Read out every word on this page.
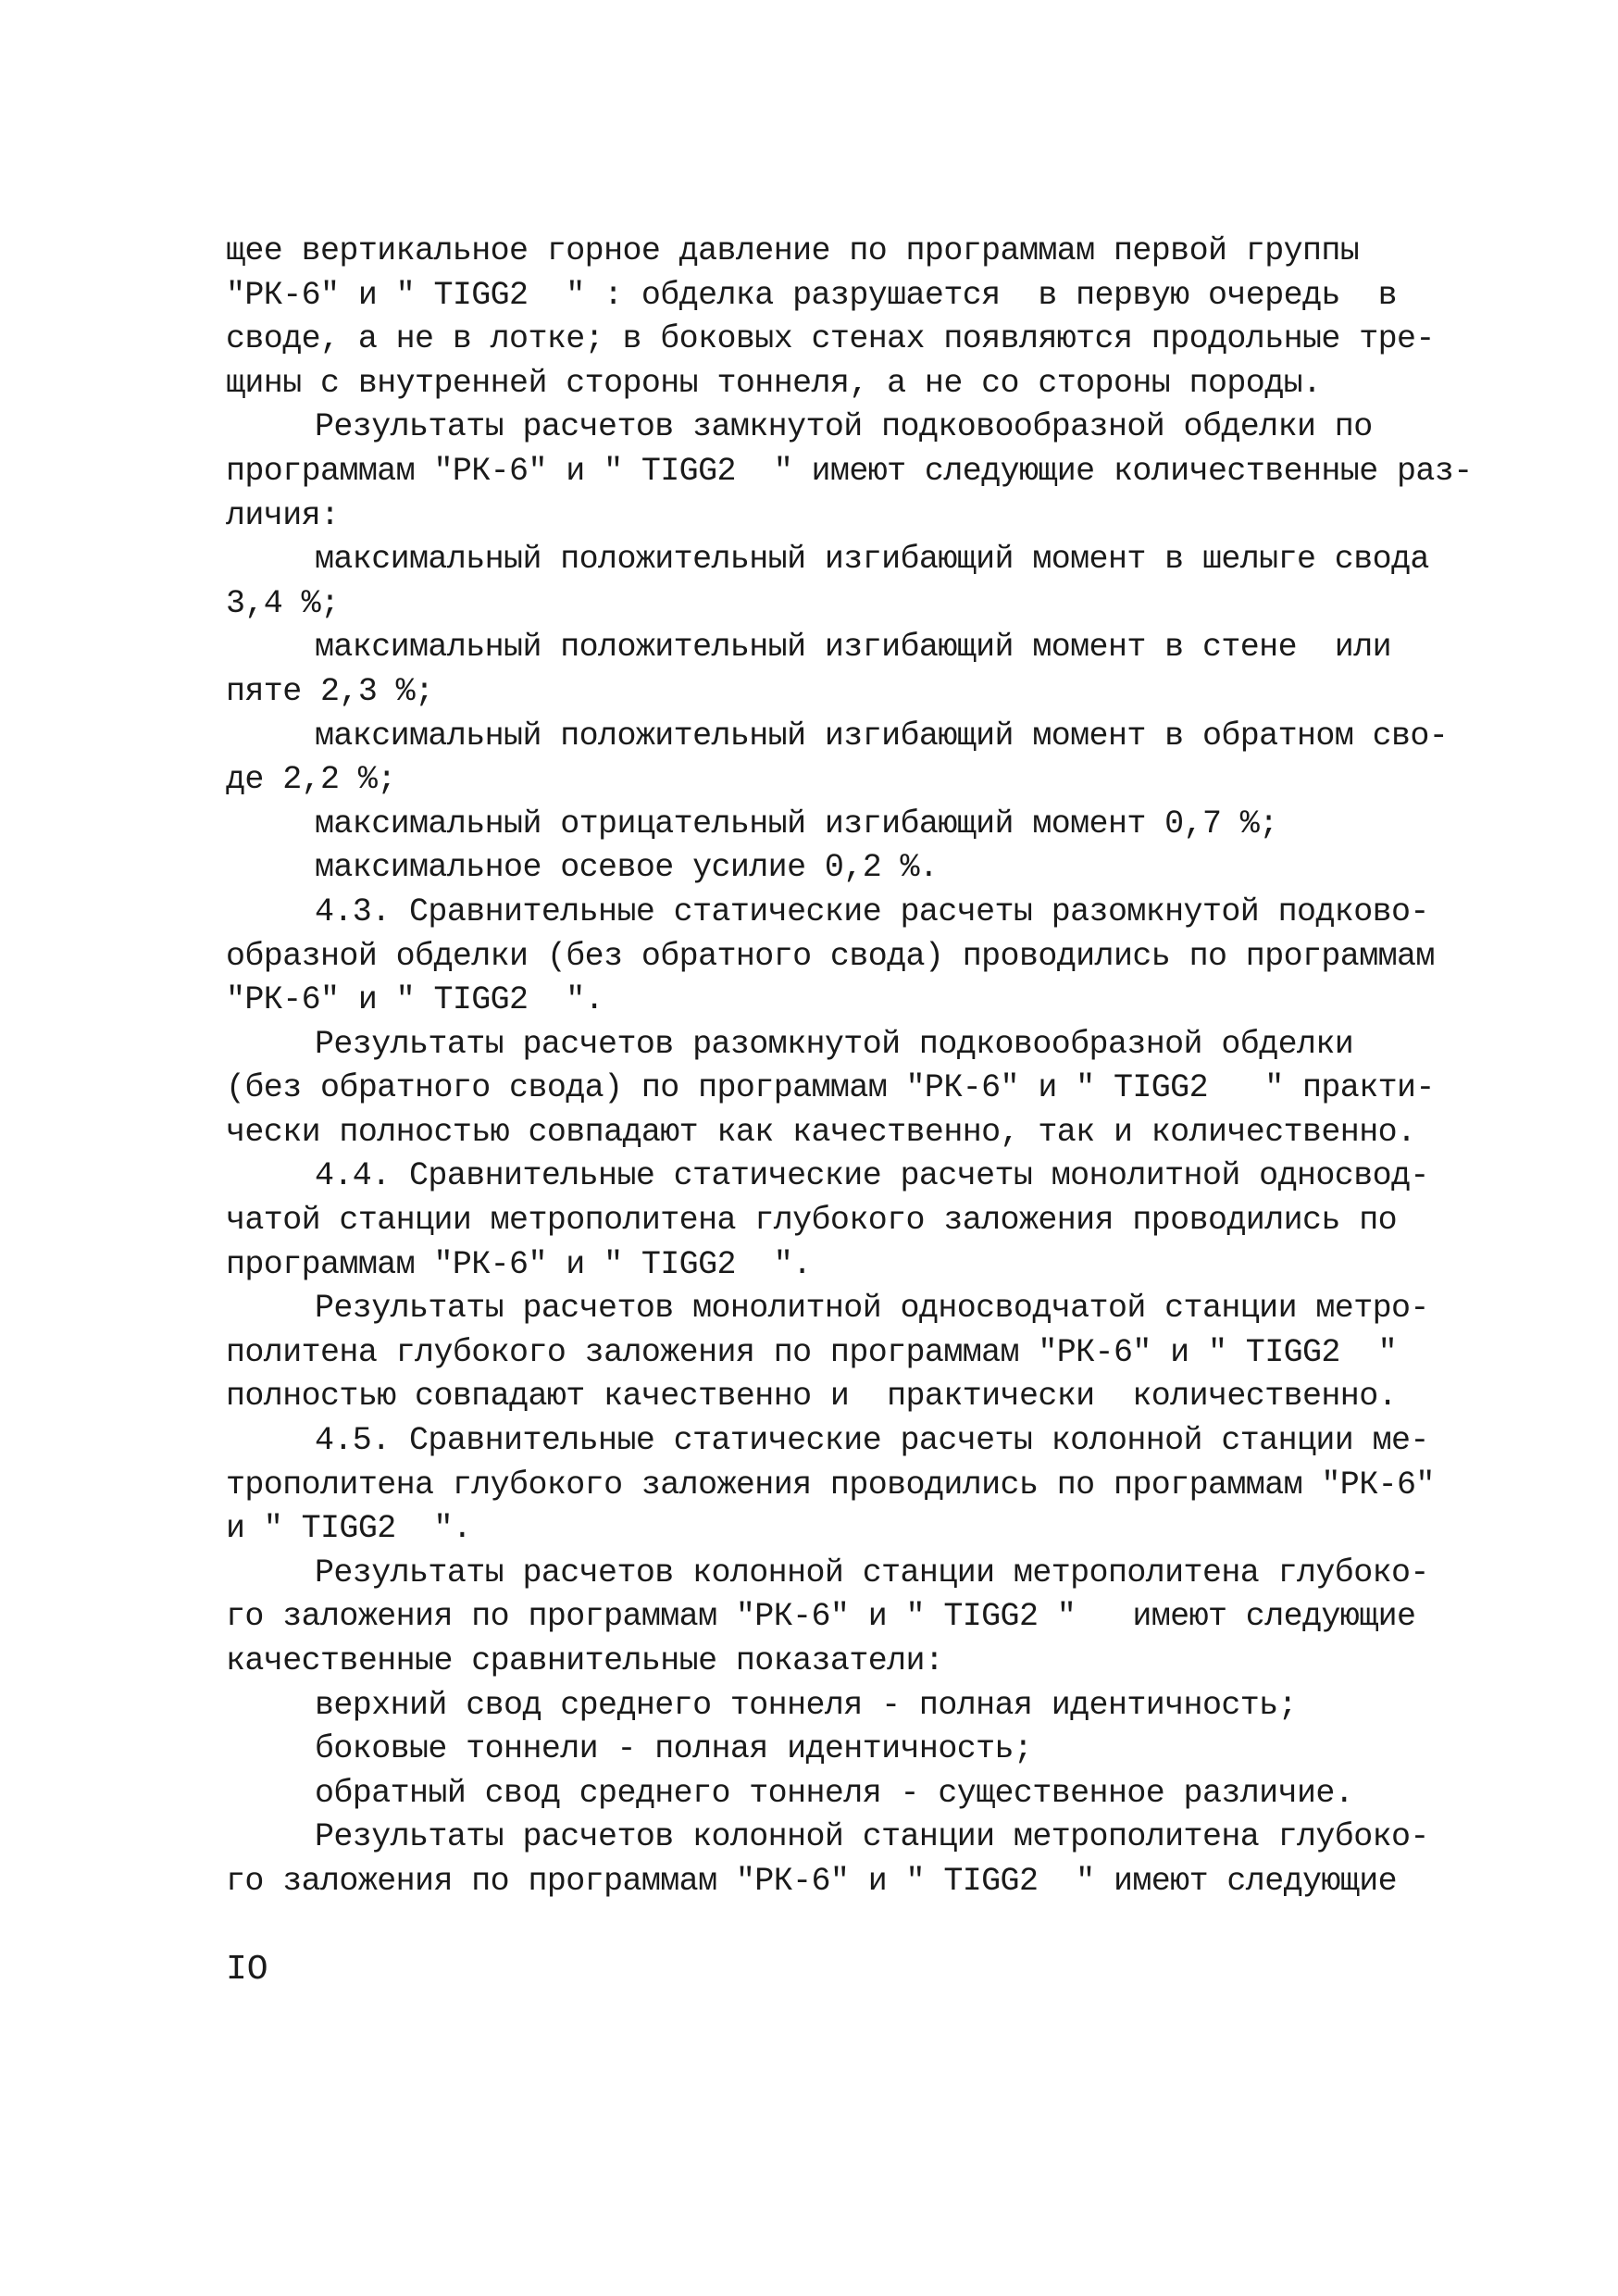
щее вертикальное горное давление по программам первой группы
"РК-6" и " TIGG2  " : обделка разрушается  в первую очередь  в
своде, а не в лотке; в боковых стенах появляются продольные тре-
щины с внутренней стороны тоннеля, а не со стороны породы.
Результаты расчетов замкнутой подковообразной обделки по
программам "РК-6" и " TIGG2  " имеют следующие количественные раз-
личия:
максимальный положительный изгибающий момент в шелыге свода
3,4 %;
максимальный положительный изгибающий момент в стене  или
пяте 2,3 %;
максимальный положительный изгибающий момент в обратном сво-
де 2,2 %;
максимальный отрицательный изгибающий момент 0,7 %;
максимальное осевое усилие 0,2 %.
4.3. Сравнительные статические расчеты разомкнутой подково-
образной обделки (без обратного свода) проводились по программам
"РК-6" и " TIGG2  ".
Результаты расчетов разомкнутой подковообразной обделки
(без обратного свода) по программам "РК-6" и " TIGG2   " практи-
чески полностью совпадают как качественно, так и количественно.
4.4. Сравнительные статические расчеты монолитной односвод-
чатой станции метрополитена глубокого заложения проводились по
программам "РК-6" и " TIGG2  ".
Результаты расчетов монолитной односводчатой станции метро-
политена глубокого заложения по программам "РК-6" и " TIGG2  "
полностью совпадают качественно и  практически  количественно.
4.5. Сравнительные статические расчеты колонной станции ме-
трополитена глубокого заложения проводились по программам "РК-6"
и " TIGG2  ".
Результаты расчетов колонной станции метрополитена глубоко-
го заложения по программам "РК-6" и " TIGG2 "   имеют следующие
качественные сравнительные показатели:
верхний свод среднего тоннеля - полная идентичность;
боковые тоннели - полная идентичность;
обратный свод среднего тоннеля - существенное различие.
Результаты расчетов колонной станции метрополитена глубоко-
го заложения по программам "РК-6" и " TIGG2  " имеют следующие
IO
